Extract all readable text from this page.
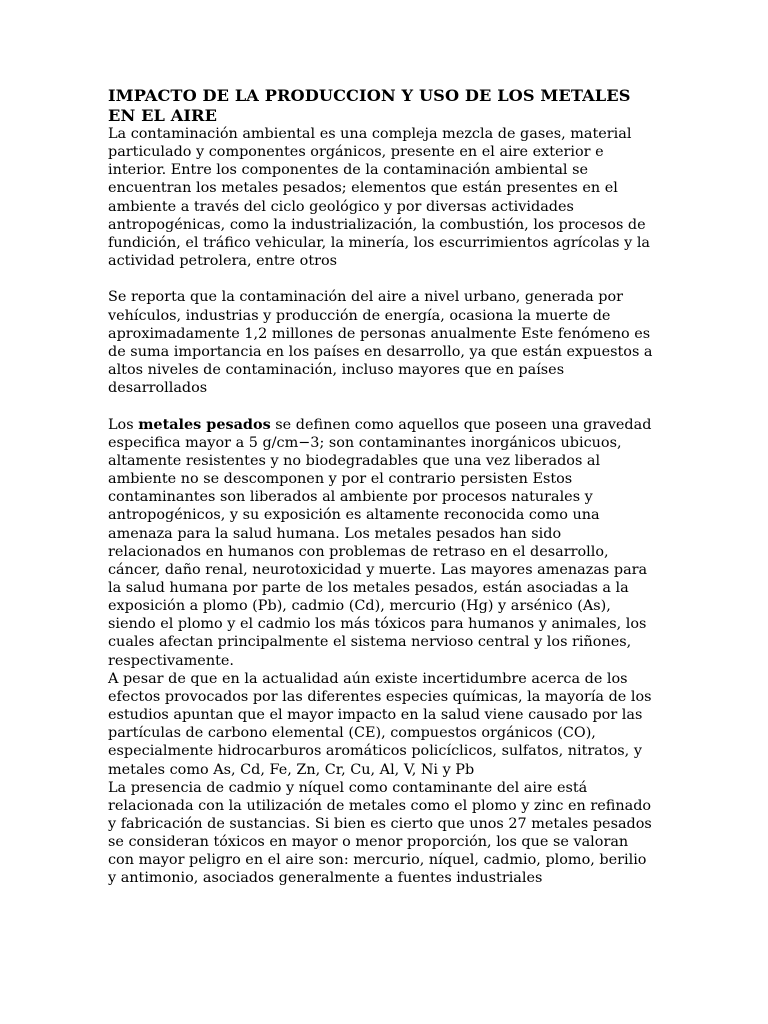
IMPACTO DE LA PRODUCCION Y USO DE LOS METALES EN EL AIRE

La contaminación ambiental es una compleja mezcla de gases, material particulado y componentes orgánicos, presente en el aire exterior e interior. Entre los componentes de la contaminación ambiental se encuentran los metales pesados; elementos que están presentes en el ambiente a través del ciclo geológico y por diversas actividades antropogénicas, como la industrialización, la combustión, los procesos de fundición, el tráfico vehicular, la minería, los escurrimientos agrícolas y la actividad petrolera, entre otros

Se reporta que la contaminación del aire a nivel urbano, generada por vehículos, industrias y producción de energía, ocasiona la muerte de aproximadamente 1,2 millones de personas anualmente Este fenómeno es de suma importancia en los países en desarrollo, ya que están expuestos a altos niveles de contaminación, incluso mayores que en países desarrollados

Los metales pesados se definen como aquellos que poseen una gravedad especifica mayor a 5 g/cm−3; son contaminantes inorgánicos ubicuos, altamente resistentes y no biodegradables que una vez liberados al ambiente no se descomponen y por el contrario persisten Estos contaminantes son liberados al ambiente por procesos naturales y antropogénicos, y su exposición es altamente reconocida como una amenaza para la salud humana. Los metales pesados han sido relacionados en humanos con problemas de retraso en el desarrollo, cáncer, daño renal, neurotoxicidad y muerte. Las mayores amenazas para la salud humana por parte de los metales pesados, están asociadas a la exposición a plomo (Pb), cadmio (Cd), mercurio (Hg) y arsénico (As), siendo el plomo y el cadmio los más tóxicos para humanos y animales, los cuales afectan principalmente el sistema nervioso central y los riñones, respectivamente.

A pesar de que en la actualidad aún existe incertidumbre acerca de los efectos provocados por las diferentes especies químicas, la mayoría de los estudios apuntan que el mayor impacto en la salud viene causado por las partículas de carbono elemental (CE), compuestos orgánicos (CO), especialmente hidrocarburos aromáticos policíclicos, sulfatos, nitratos, y metales como As, Cd, Fe, Zn, Cr, Cu, Al, V, Ni y Pb

La presencia de cadmio y níquel como contaminante del aire está relacionada con la utilización de metales como el plomo y zinc en refinado y fabricación de sustancias. Si bien es cierto que unos 27 metales pesados se consideran tóxicos en mayor o menor proporción, los que se valoran con mayor peligro en el aire son: mercurio, níquel, cadmio, plomo, berilio y antimonio, asociados generalmente a fuentes industriales
